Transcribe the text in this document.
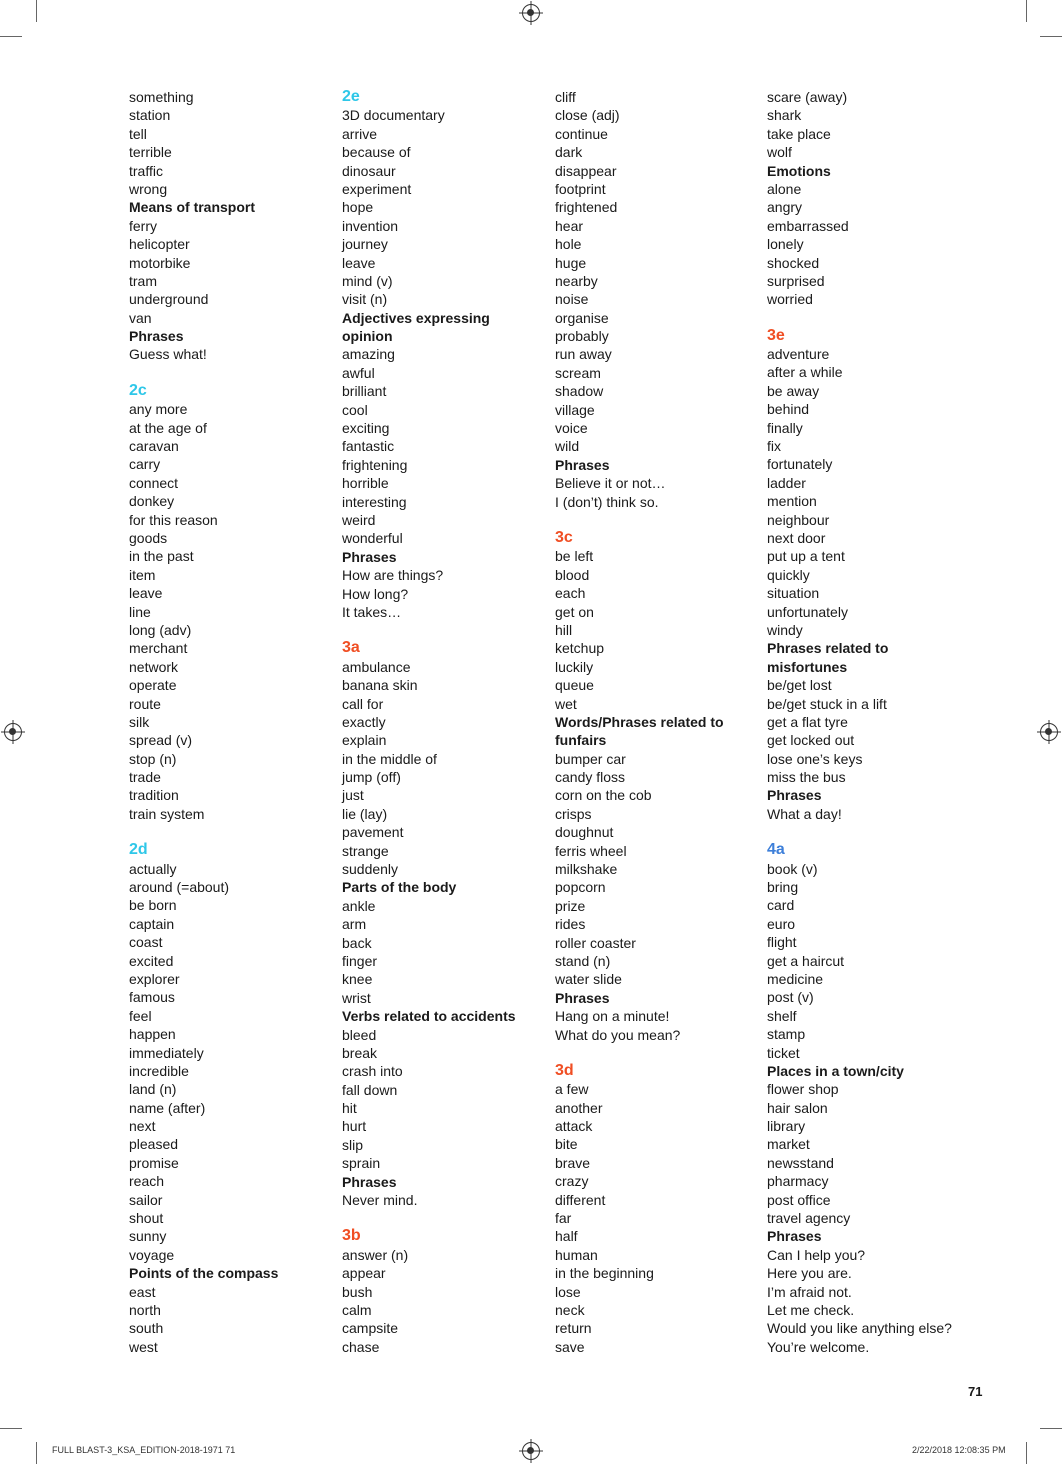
something
station
tell
terrible
traffic
wrong
Means of transport
ferry
helicopter
motorbike
tram
underground
van
Phrases
Guess what!
2c
any more
at the age of
caravan
carry
connect
donkey
for this reason
goods
in the past
item
leave
line
long (adv)
merchant
network
operate
route
silk
spread (v)
stop (n)
trade
tradition
train system
2d
actually
around (=about)
be born
captain
coast
excited
explorer
famous
feel
happen
immediately
incredible
land (n)
name (after)
next
pleased
promise
reach
sailor
shout
sunny
voyage
Points of the compass
east
north
south
west
2e
3D documentary
arrive
because of
dinosaur
experiment
hope
invention
journey
leave
mind (v)
visit (n)
Adjectives expressing
opinion
amazing
awful
brilliant
cool
exciting
fantastic
frightening
horrible
interesting
weird
wonderful
Phrases
How are things?
How long?
It takes…
3a
ambulance
banana skin
call for
exactly
explain
in the middle of
jump (off)
just
lie (lay)
pavement
strange
suddenly
Parts of the body
ankle
arm
back
finger
knee
wrist
Verbs related to accidents
bleed
break
crash into
fall down
hit
hurt
slip
sprain
Phrases
Never mind.
3b
answer (n)
appear
bush
calm
campsite
chase
cliff
close (adj)
continue
dark
disappear
footprint
frightened
hear
hole
huge
nearby
noise
organise
probably
run away
scream
shadow
village
voice
wild
Phrases
Believe it or not…
I (don’t) think so.
3c
be left
blood
each
get on
hill
ketchup
luckily
queue
wet
Words/Phrases related to
funfairs
bumper car
candy floss
corn on the cob
crisps
doughnut
ferris wheel
milkshake
popcorn
prize
rides
roller coaster
stand (n)
water slide
Phrases
Hang on a minute!
What do you mean?
3d
a few
another
attack
bite
brave
crazy
different
far
half
human
in the beginning
lose
neck
return
save
scare (away)
shark
take place
wolf
Emotions
alone
angry
embarrassed
lonely
shocked
surprised
worried
3e
adventure
after a while
be away
behind
finally
fix
fortunately
ladder
mention
neighbour
next door
put up a tent
quickly
situation
unfortunately
windy
Phrases related to
misfortunes
be/get lost
be/get stuck in a lift
get a flat tyre
get locked out
lose one’s keys
miss the bus
Phrases
What a day!
4a
book (v)
bring
card
euro
flight
get a haircut
medicine
post (v)
shelf
stamp
ticket
Places in a town/city
flower shop
hair salon
library
market
newsstand
pharmacy
post office
travel agency
Phrases
Can I help you?
Here you are.
I’m afraid not.
Let me check.
Would you like anything else?
You’re welcome.
71
FULL BLAST-3_KSA_EDITION-2018-1971 71	2/22/2018 12:08:35 PM
